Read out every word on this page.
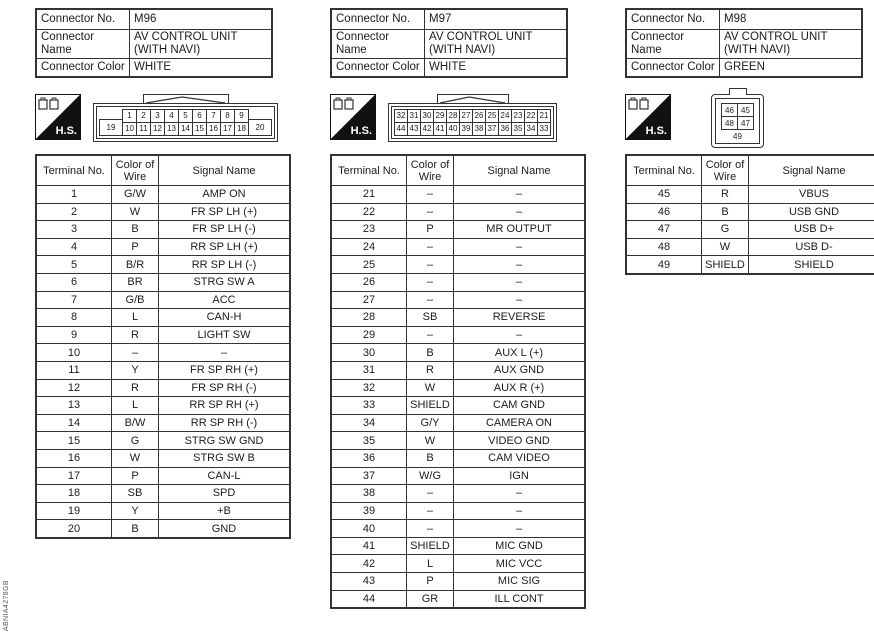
Connector No.	M96
Connector Name	AV CONTROL UNIT (WITH NAVI)
Connector Color	WHITE
H.S.	19
1	2	3	4	5	6	7	8	9
10 11 12 13 14 15 16 17 18	20
Terminal No.	Color of Wire	Signal Name
1	G/W	AMP ON
2	W	FR SP LH (+)
3	B	FR SP LH (-)
4	P	RR SP LH (+)
5	B/R	RR SP LH (-)
6	BR	STRG SW A
7	G/B	ACC
8	L	CAN-H
9	R	LIGHT SW
10	–	–
11	Y	FR SP RH (+)
12	R	FR SP RH (-)
13	L	RR SP RH (+)
14	B/W	RR SP RH (-)
15	G	STRG SW GND
16	W	STRG SW B
17	P	CAN-L
18	SB	SPD
19	Y	+B
20	B	GND
Connector No.	M97
Connector Name	AV CONTROL UNIT (WITH NAVI)
Connector Color	WHITE
H.S.
32 31 30 29 28 27 26 25 24 23 22 21
44 43 42 41 40 39 38 37 36 35 34 33
Terminal No.	Color of Wire	Signal Name
21	–	–
22	–	–
23	P	MR OUTPUT
24	–	–
25	–	–
26	–	–
27	–	–
28	SB	REVERSE
29	–	–
30	B	AUX L (+)
31	R	AUX GND
32	W	AUX R (+)
33	SHIELD	CAM GND
34	G/Y	CAMERA ON
35	W	VIDEO GND
36	B	CAM VIDEO
37	W/G	IGN
38	–	–
39	–	–
40	–	–
41	SHIELD	MIC GND
42	L	MIC VCC
43	P	MIC SIG
44	GR	ILL CONT
Connector No.	M98
Connector Name	AV CONTROL UNIT (WITH NAVI)
Connector Color	GREEN
H.S.
46 45
48 47
49
Terminal No.	Color of Wire	Signal Name
45	R	VBUS
46	B	USB GND
47	G	USB D+
48	W	USB D-
49	SHIELD	SHIELD
ABNIA4278GB
